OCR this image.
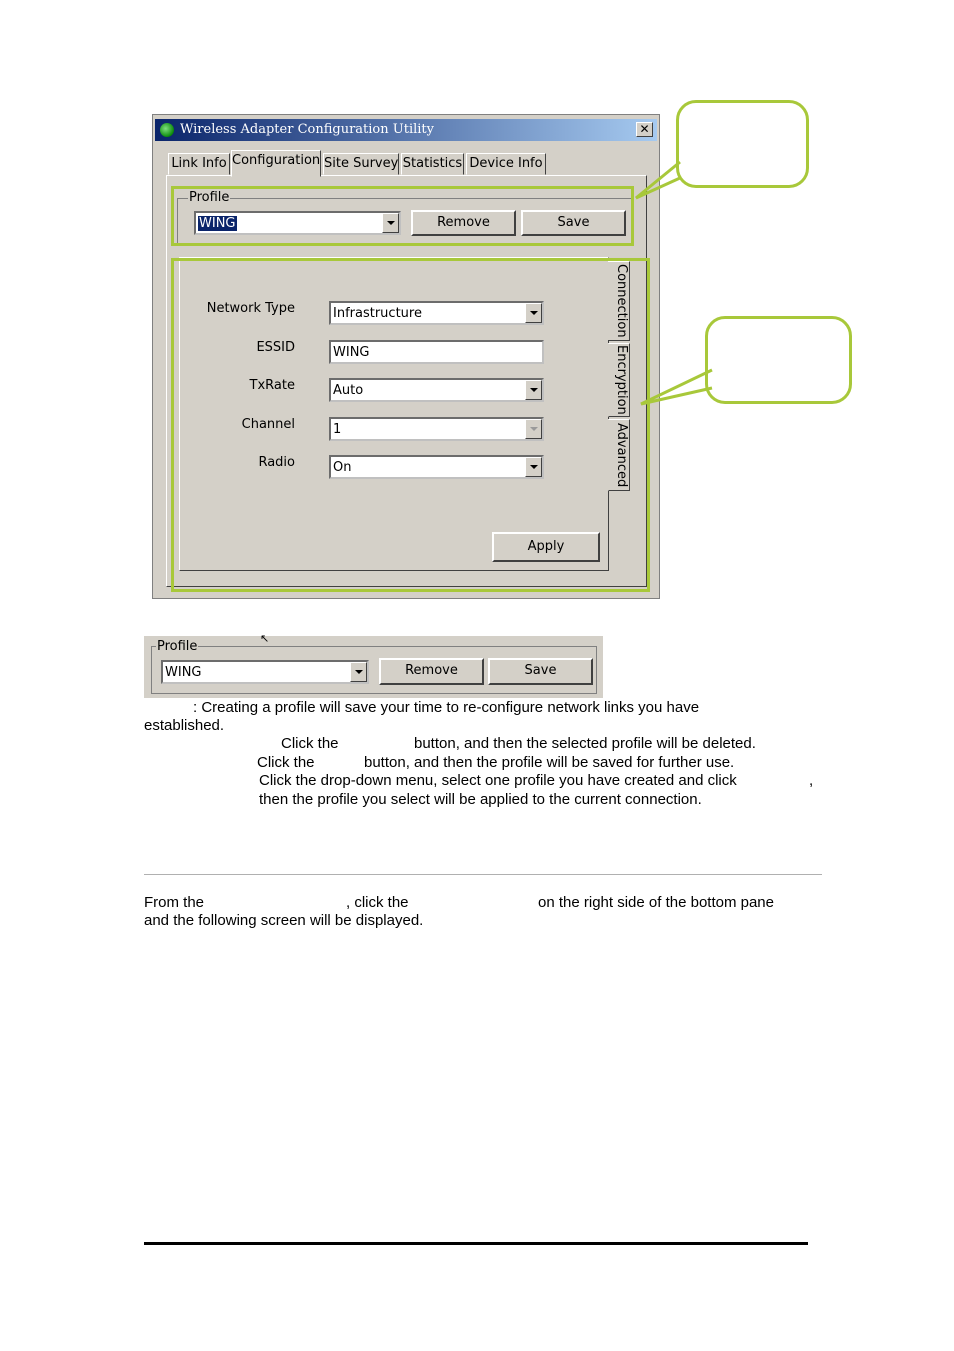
Wireless Adapter Configuration Utility	✕
Link Info Configuration Site Survey Statistics Device Info
Profile
WING	Remove	Save
Connection
Encryption
Advanced
Network Type	Infrastructure
ESSID	WING
TxRate	Auto
Channel	1
Radio	On
Apply
Profile
↖
WING	Remove	Save
: Creating a profile will save your time to re-configure network links you have
established.
Click the	button, and then the selected profile will be deleted.
Click the	button, and then the profile will be saved for further use.
Click the drop-down menu, select one profile you have created and click	,
then the profile you select will be applied to the current connection.
From the	, click the	on the right side of the bottom pane
and the following screen will be displayed.
